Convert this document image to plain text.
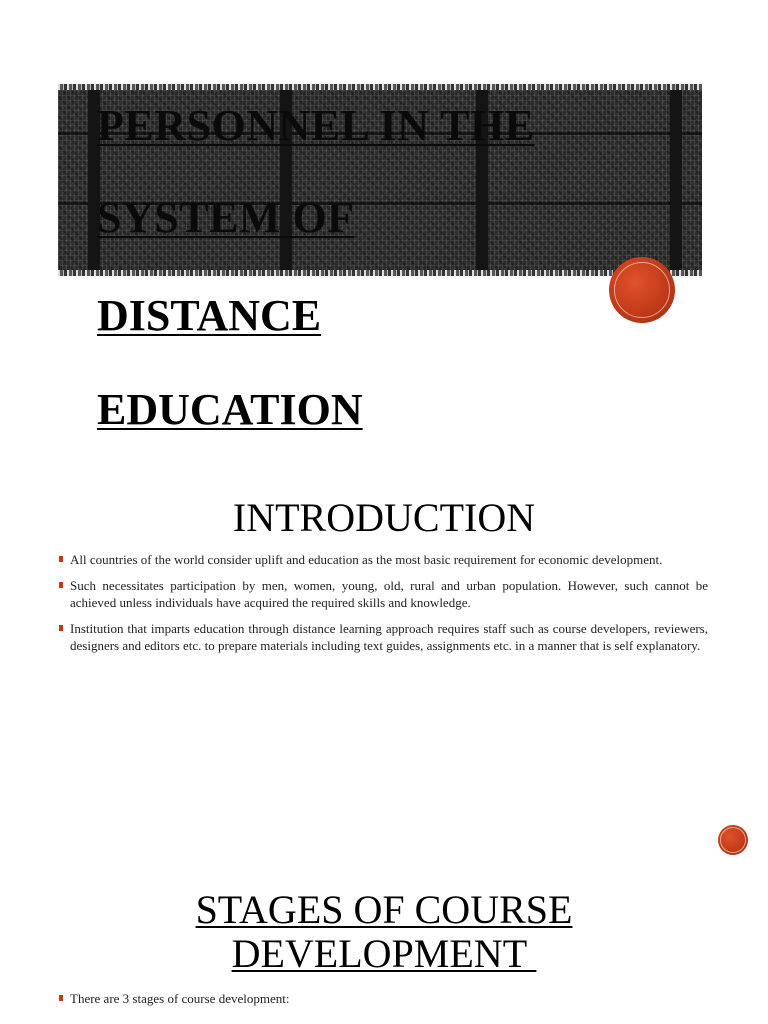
PERSONNEL IN THE
SYSTEM OF
DISTANCE
EDUCATION
INTRODUCTION
All countries of the world consider uplift and education as the most basic requirement for economic development.
Such necessitates participation by men, women, young, old, rural and urban population. However, such cannot be achieved unless individuals have acquired the required skills and knowledge.
Institution that imparts education through distance learning approach requires staff such as course developers, reviewers, designers and editors etc. to prepare materials including text guides, assignments etc. in a manner that is self explanatory.
STAGES OF COURSE
DEVELOPMENT
There are 3 stages of course development:
